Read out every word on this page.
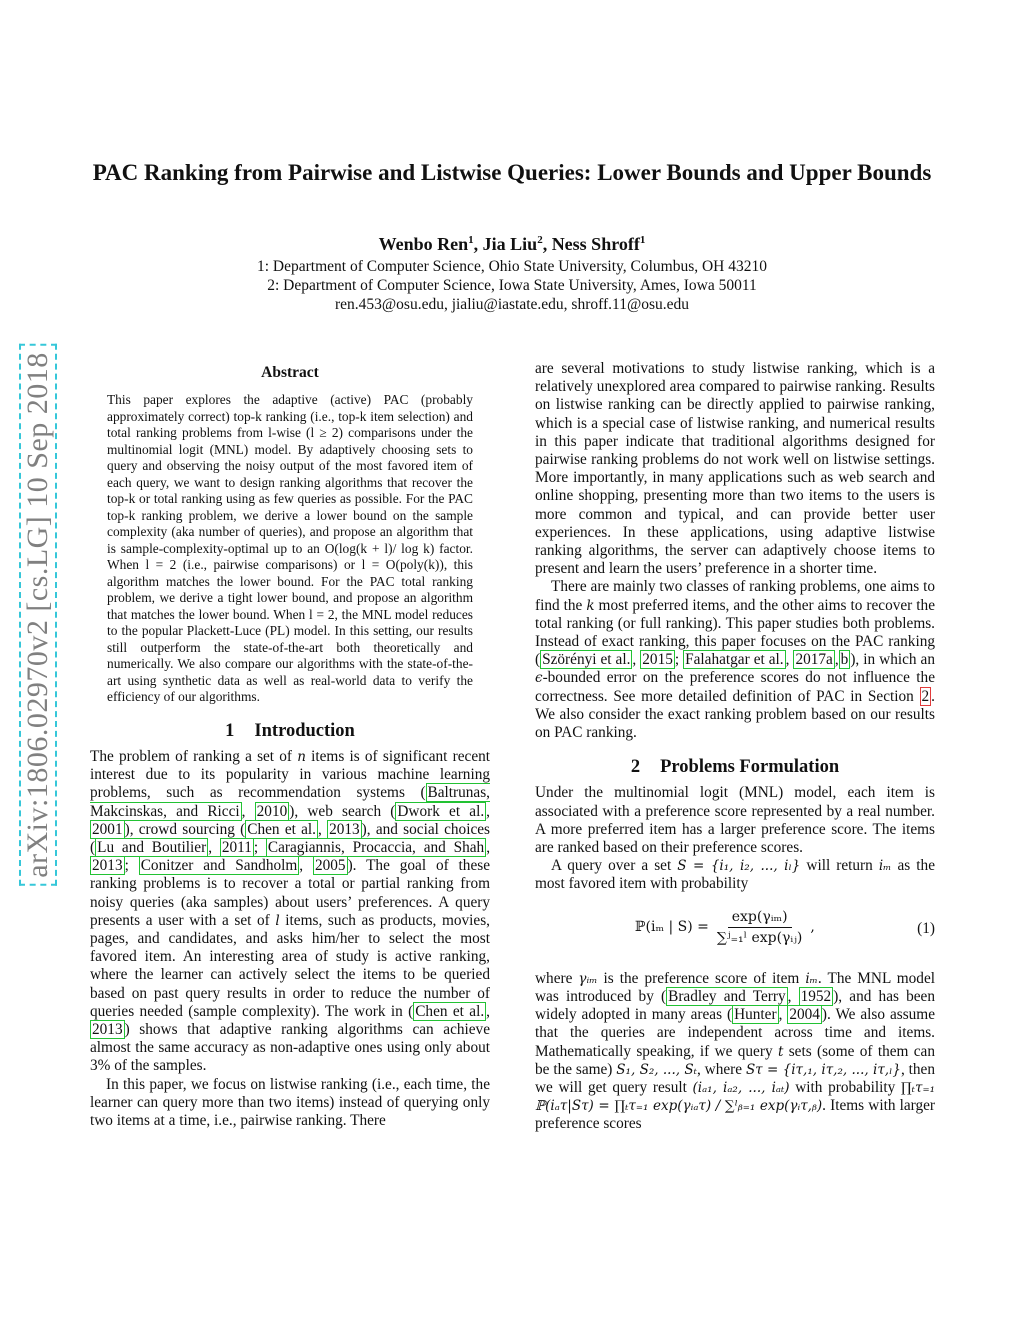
arXiv:1806.02970v2 [cs.LG] 10 Sep 2018
PAC Ranking from Pairwise and Listwise Queries: Lower Bounds and Upper Bounds
Wenbo Ren$^1$, Jia Liu$^2$, Ness Shroff$^1$
1: Department of Computer Science, Ohio State University, Columbus, OH 43210
2: Department of Computer Science, Iowa State University, Ames, Iowa 50011
ren.453@osu.edu, jialiu@iastate.edu, shroff.11@osu.edu
Abstract

This paper explores the adaptive (active) PAC (probably approximately correct) top-k ranking (i.e., top-k item selection) and total ranking problems from l-wise (l ≥ 2) comparisons under the multinomial logit (MNL) model. By adaptively choosing sets to query and observing the noisy output of the most favored item of each query, we want to design ranking algorithms that recover the top-k or total ranking using as few queries as possible. For the PAC top-k ranking problem, we derive a lower bound on the sample complexity (aka number of queries), and propose an algorithm that is sample-complexity-optimal up to an O(log(k + l)/ log k) factor. When l = 2 (i.e., pairwise comparisons) or l = O(poly(k)), this algorithm matches the lower bound. For the PAC total ranking problem, we derive a tight lower bound, and propose an algorithm that matches the lower bound. When l = 2, the MNL model reduces to the popular Plackett-Luce (PL) model. In this setting, our results still outperform the state-of-the-art both theoretically and numerically. We also compare our algorithms with the state-of-the-art using synthetic data as well as real-world data to verify the efficiency of our algorithms.

1 Introduction

The problem of ranking a set of n items is of significant recent interest due to its popularity in various machine learning problems, such as recommendation systems ( Baltrunas, Makcinskas, and Ricci , 2010 ), web search ( Dwork et al. , 2001 ), crowd sourcing ( Chen et al. , 2013 ), and social choices ( Lu and Boutilier , 2011 ; Caragiannis, Procaccia, and Shah , 2013 ; Conitzer and Sandholm , 2005 ). The goal of these ranking problems is to recover a total or partial ranking from noisy queries (aka samples) about users’ preferences. A query presents a user with a set of l items, such as products, movies, pages, and candidates, and asks him/her to select the most favored item. An interesting area of study is active ranking, where the learner can actively select the items to be queried based on past query results in order to reduce the number of queries needed (sample complexity). The work in ( Chen et al. , 2013 ) shows that adaptive ranking algorithms can achieve almost the same accuracy as non-adaptive ones using only about 3% of the samples.

In this paper, we focus on listwise ranking (i.e., each time, the learner can query more than two items) instead of querying only two items at a time, i.e., pairwise ranking. There

are several motivations to study listwise ranking, which is a relatively unexplored area compared to pairwise ranking. Results on listwise ranking can be directly applied to pairwise ranking, which is a special case of listwise ranking, and numerical results in this paper indicate that traditional algorithms designed for pairwise ranking problems do not work well on listwise settings. More importantly, in many applications such as web search and online shopping, presenting more than two items to the users is more common and typical, and can provide better user experiences. In these applications, using adaptive listwise ranking algorithms, the server can adaptively choose items to present and learn the users’ preference in a shorter time.

There are mainly two classes of ranking problems, one aims to find the k most preferred items, and the other aims to recover the total ranking (or full ranking). This paper studies both problems. Instead of exact ranking, this paper focuses on the PAC ranking ( Szörényi et al. , 2015 ; Falahatgar et al. , 2017a , b ), in which an ϵ-bounded error on the preference scores do not influence the correctness. See more detailed definition of PAC in Section 2 . We also consider the exact ranking problem based on our results on PAC ranking.

2 Problems Formulation

Under the multinomial logit (MNL) model, each item is associated with a preference score represented by a real number. A more preferred item has a larger preference score. The items are ranked based on their preference scores.

A query over a set S = {i₁, i₂, ..., iₗ} will return iₘ as the most favored item with probability

ℙ(iₘ | $S) = \frac{\text{exp(γᵢₘ)}}{\text{∑ʲ₌₁ˡ exp(γᵢⱼ)}}$ ,	(1)

where γᵢₘ is the preference score of item iₘ. The MNL model was introduced by ( Bradley and Terry , 1952 ), and has been widely adopted in many areas ( Hunter , 2004 ). We also assume that the queries are independent across time and items. Mathematically speaking, if we query t sets (some of them can be the same) S₁, S₂, ..., Sₜ, where Sτ = {iτ,₁, iτ,₂, ..., iτ,ₗ}, then we will get query result (iₐ₁, iₐ₂, ..., iₐₜ) with probability ∏ₜτ₌₁ ℙ(iₐτ|Sτ) = ∏ₜτ₌₁ exp(γᵢₐτ) / ∑ˡᵦ₌₁ exp(γᵢτ,ᵦ). Items with larger preference scores
